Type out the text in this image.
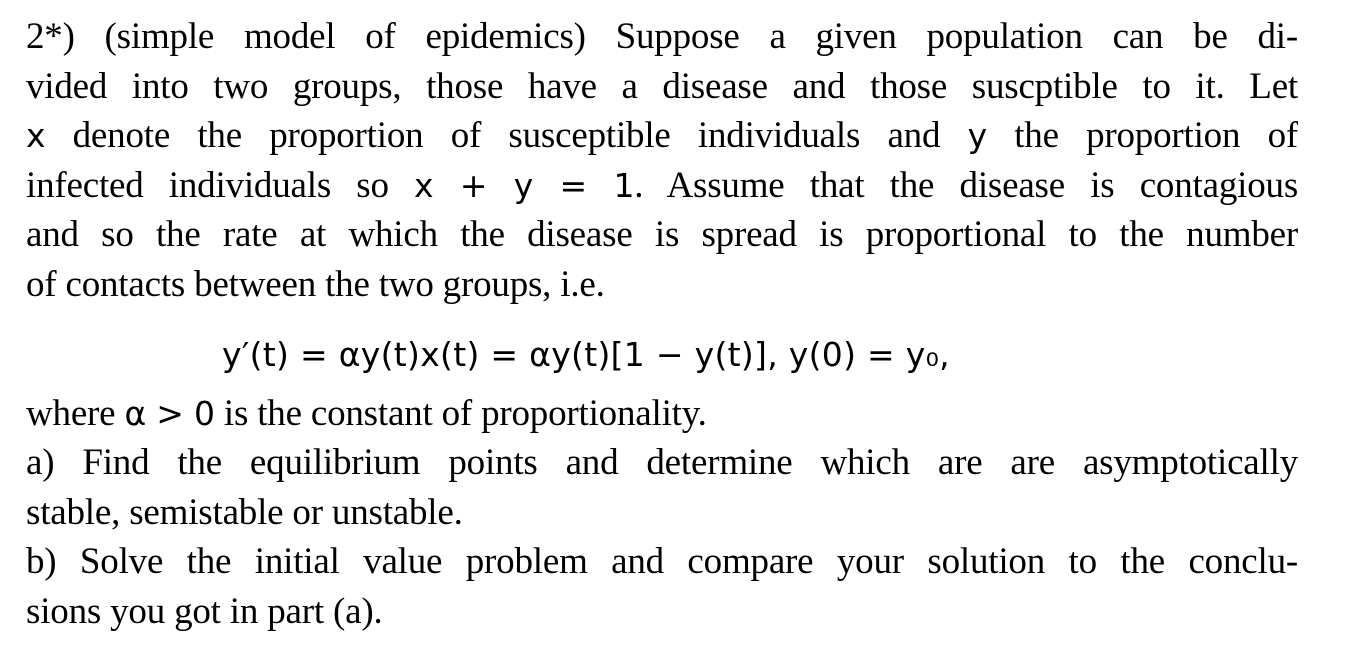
2*) (simple model of epidemics) Suppose a given population can be di-
vided into two groups, those have a disease and those suscptible to it. Let
x denote the proportion of susceptible individuals and y the proportion of
infected individuals so x + y = 1. Assume that the disease is contagious
and so the rate at which the disease is spread is proportional to the number
of contacts between the two groups, i.e.
y′(t) = αy(t)x(t) = αy(t)[1 − y(t)], y(0) = y₀,
where α > 0 is the constant of proportionality.
a) Find the equilibrium points and determine which are are asymptotically
stable, semistable or unstable.
b) Solve the initial value problem and compare your solution to the conclu-
sions you got in part (a).
